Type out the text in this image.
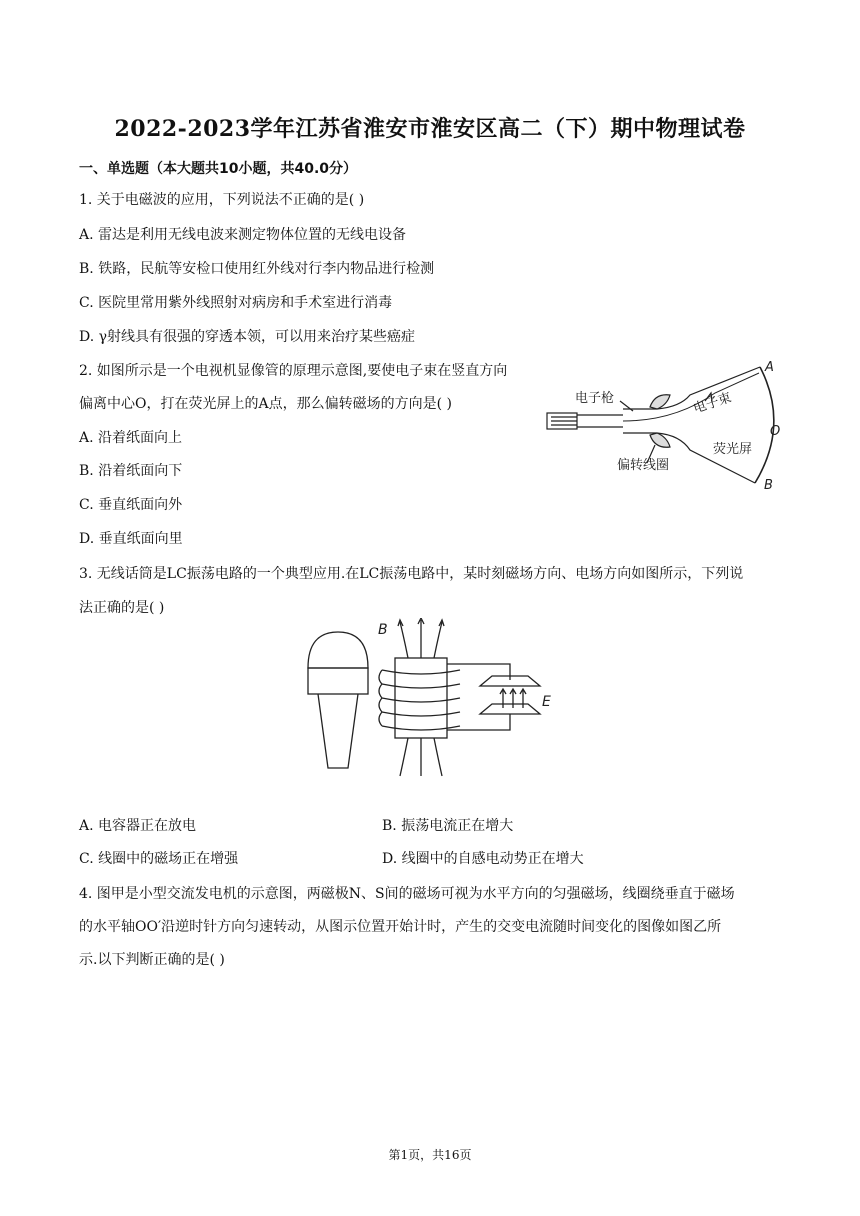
2022-2023学年江苏省淮安市淮安区高二（下）期中物理试卷
一、单选题（本大题共10小题，共40.0分）
1. 关于电磁波的应用，下列说法不正确的是( )
A. 雷达是利用无线电波来测定物体位置的无线电设备
B. 铁路，民航等安检口使用红外线对行李内物品进行检测
C. 医院里常用紫外线照射对病房和手术室进行消毒
D. γ射线具有很强的穿透本领，可以用来治疗某些癌症
2. 如图所示是一个电视机显像管的原理示意图,要使电子束在竖直方向
偏离中心O，打在荧光屏上的A点，那么偏转磁场的方向是( )
A. 沿着纸面向上
B. 沿着纸面向下
C. 垂直纸面向外
D. 垂直纸面向里
电子枪	电子束
荧光屏
偏转线圈
A
O
B
3. 无线话筒是LC振荡电路的一个典型应用.在LC振荡电路中，某时刻磁场方向、电场方向如图所示，下列说
法正确的是( )
B
E
A. 电容器正在放电	B. 振荡电流正在增大
C. 线圈中的磁场正在增强	D. 线圈中的自感电动势正在增大
4. 图甲是小型交流发电机的示意图，两磁极N、S间的磁场可视为水平方向的匀强磁场，线圈绕垂直于磁场
的水平轴OO′沿逆时针方向匀速转动，从图示位置开始计时，产生的交变电流随时间变化的图像如图乙所
示.以下判断正确的是( )
第1页，共16页
